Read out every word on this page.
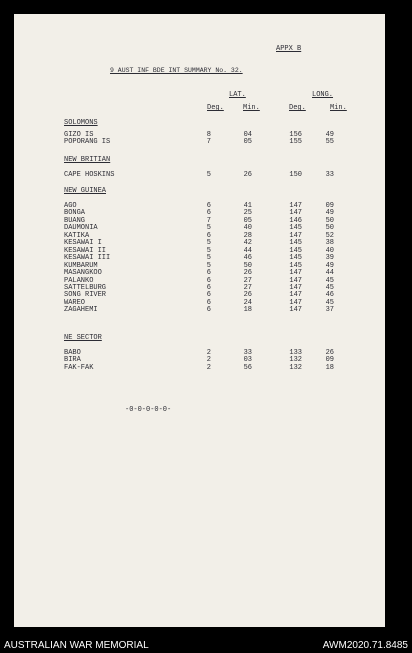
APPX B
9 AUST INF BDE INT SUMMARY No. 32.
LAT.	LONG.
Deg.	Min.	Deg.	Min.
SOLOMONS
GIZO IS	8	04	156	49
POPORANG IS	7	05	155	55
NEW BRITIAN
CAPE HOSKINS	5	26	150	33
NEW GUINEA
AGO	6	41	147	09
BONGA	6	25	147	49
BUANG	7	05	146	50
DAUMONIA	5	40	145	50
KATIKA	6	28	147	52
KESAWAI I	5	42	145	38
KESAWAI II	5	44	145	40
KESAWAI III	5	46	145	39
KUMBARUM	5	50	145	49
MASANGKOO	6	26	147	44
PALANKO	6	27	147	45
SATTELBURG	6	27	147	45
SONG RIVER	6	26	147	46
WAREO	6	24	147	45
ZAGAHEMI	6	18	147	37
NE SECTOR
BABO	2	33	133	26
BIRA	2	03	132	09
FAK-FAK	2	56	132	18
-0-0-0-0-0-
AUSTRALIAN WAR MEMORIAL	AWM2020.71.8485
